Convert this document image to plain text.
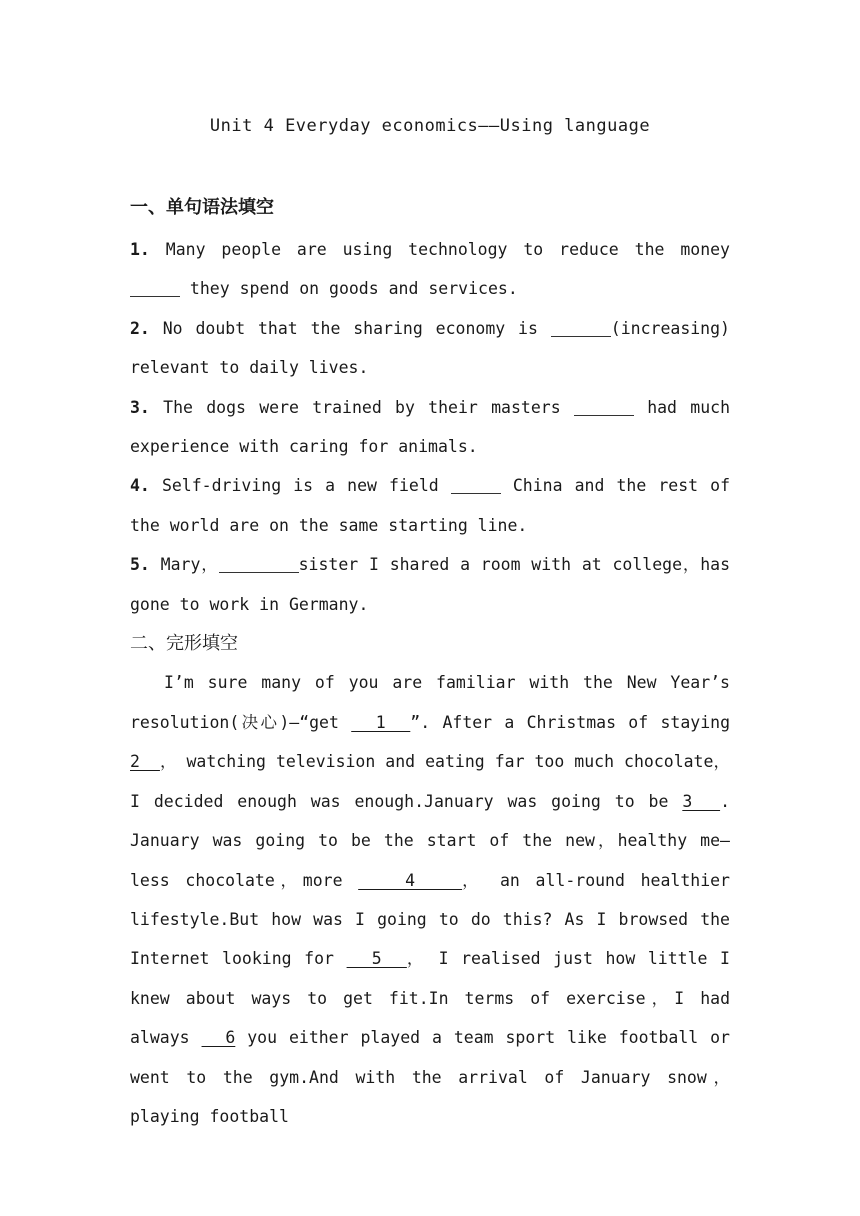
Unit 4 Everyday economics——Using language
一、单句语法填空
1. Many people are using technology to reduce the money  they spend on goods and services.
2. No doubt that the sharing economy is	(increasing) relevant to daily lives.
3. The dogs were trained by their masters	had much experience with caring for animals.
4. Self-driving is a new field	China and the rest of the world are on the same starting line.
5. Mary，	sister I shared a room with at college，has gone to work in Germany.
二、完形填空
I’m sure many of you are familiar with the New Year’s resolution(决心)—“get   1  ”. After a Christmas of staying 2  ， watching television and eating far too much chocolate，I decided enough was enough.January was going to be 3  . January was going to be the start of the new，healthy me—less chocolate，more    4   ， an all-round healthier lifestyle.But how was I going to do this? As I browsed the Internet looking for   5  ， I realised just how little I knew about ways to get fit.In terms of exercise，I had always   6 you either played a team sport like football or went to the gym.And with the arrival of January snow，playing football
